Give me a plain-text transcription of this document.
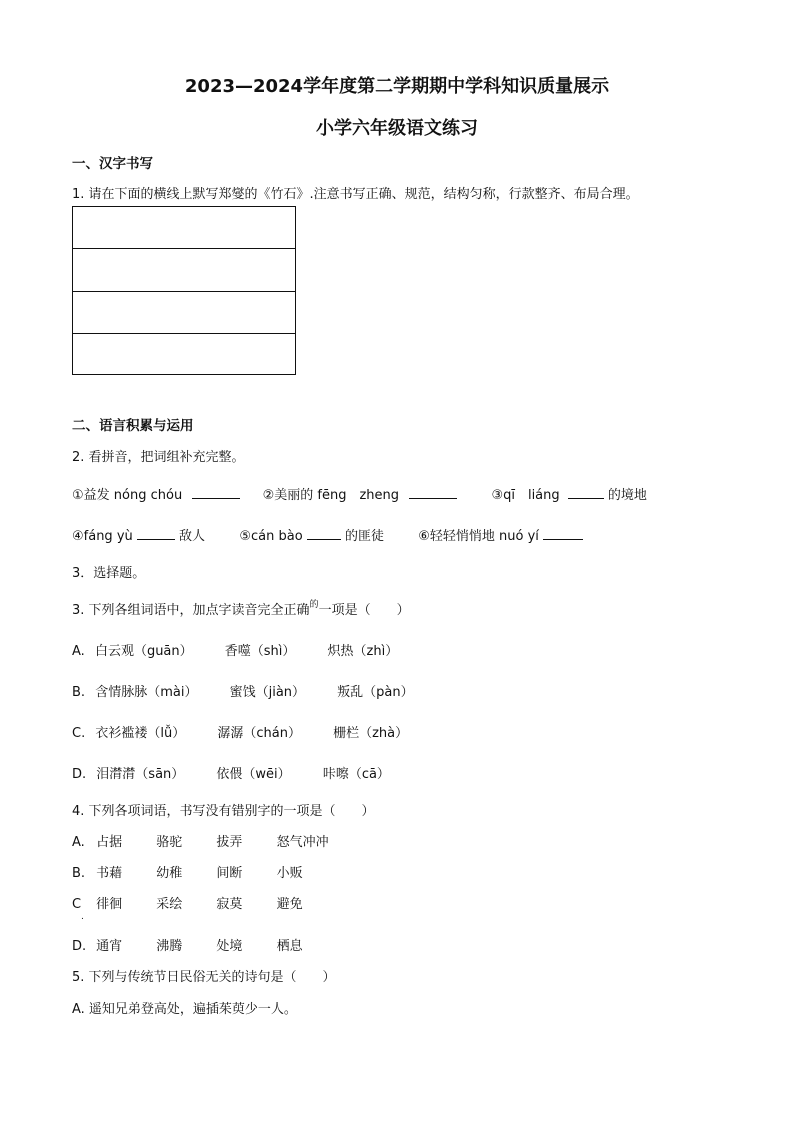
2023—2024学年度第二学期期中学科知识质量展示
小学六年级语文练习
一、汉字书写
1. 请在下面的横线上默写郑燮的《竹石》.注意书写正确、规范，结构匀称，行款整齐、布局合理。
二、语言积累与运用
2. 看拼音，把词组补充完整。
①益发 nóng chóu	②美丽的 fēng　zheng	③qī　liáng	的境地
④fáng yù	敌人	⑤cán bào	的匪徒	⑥轻轻悄悄地 nuó yí
3．选择题。
3. 下列各组词语中，加点字读音完全正确$^的$一项是（　　）
A. 白云观（guān） 香噬（shì） 炽热（zhì）
B. 含情脉脉（mài） 蜜饯（jiàn） 叛乱（pàn）
C. 衣衫褴褛（lǚ） 潺潺（chán） 栅栏（zhà）
D. 泪潸潸（sān） 依偎（wēi） 咔嚓（cā）
4. 下列各项词语，书写没有错别字的一项是（　　）
A. 占据	骆驼	拔弄	怒气冲冲
B. 书藉	幼稚	间断	小贩
C 徘徊	采绘	寂莫	避免
.
D. 通宵	沸腾	处境	栖息
5. 下列与传统节日民俗无关的诗句是（　　）
A. 遥知兄弟登高处，遍插茱萸少一人。
